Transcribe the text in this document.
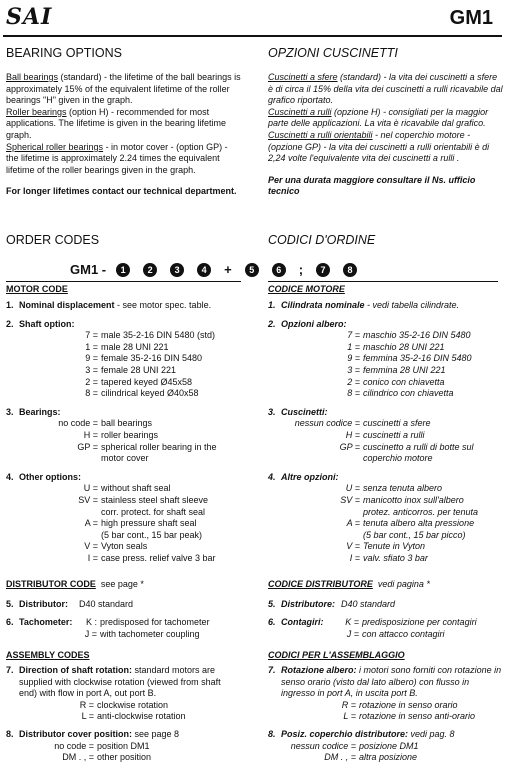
SAI	GM1
BEARING OPTIONS
Ball bearings (standard) - the lifetime of the ball bearings is approximately 15% of the equivalent lifetime of the roller bearings "H" given in the graph.
Roller bearings (option H) - recommended for most applications. The lifetime is given in the bearing lifetime graph.
Spherical roller bearings - in motor cover - (option GP) - the lifetime is approximately 2.24 times the equivalent lifetime of the roller bearings given in the graph.
For longer lifetimes contact our technical department.
OPZIONI CUSCINETTI
Cuscinetti a sfere (standard) - la vita dei cuscinetti a sfere è di circa il 15% della vita dei cuscinetti a rulli ricavabile dal grafico riportato.
Cuscinetti a rulli (opzione H) - consigliati per la maggior parte delle applicazioni. La vita è ricavabile dal grafico.
Cuscinetti a rulli orientabili - nel coperchio motore - (opzione GP) - la vita dei cuscinetti a rulli orientabili è di 2,24 volte l'equivalente vita dei cuscinetti a rulli .
Per una durata maggiore consultare il Ns. ufficio tecnico
ORDER CODES	CODICI D'ORDINE
GM1 -	1	2	3	4	+	5	6	;	7	8
MOTOR CODE
1. Nominal displacement - see motor spec. table.
2. Shaft option:
7 = male 35-2-16 DIN 5480 (std)
1 = male 28 UNI 221
9 = female 35-2-16 DIN 5480
3 = female 28 UNI 221
2 = tapered keyed Ø45x58
8 = cilindrical keyed Ø40x58
3. Bearings:
no code = ball bearings
H = roller bearings
GP = spherical roller bearing in the
motor cover
4. Other options:
U = without shaft seal
SV = stainless steel shaft sleeve
corr. protect. for shaft seal
A = high pressure shaft seal
(5 bar cont., 15 bar peak)
V = Vyton seals
I = case press. relief valve 3 bar
CODICE MOTORE
1. Cilindrata nominale - vedi tabella cilindrate.
2. Opzioni albero:
7 = maschio 35-2-16 DIN 5480
1 = maschio 28 UNI 221
9 = femmina 35-2-16 DIN 5480
3 = femmina 28 UNI 221
2 = conico con chiavetta
8 = cilindrico con chiavetta
3. Cuscinetti:
nessun codice = cuscinetti a sfere
H = cuscinetti a rulli
GP = cuscinetto a rulli di botte sul
coperchio motore
4. Altre opzioni:
U = senza tenuta albero
SV = manicotto inox sull'albero
protez. anticorros. per tenuta
A = tenuta albero alta pressione
(5 bar cont., 15 bar picco)
V = Tenute in Vyton
I = valv. sfiato 3 bar
DISTRIBUTOR CODE see page *
5. Distributor: D40 standard
6. Tachometer:	K : predisposed for tachometer
J = with tachometer coupling
CODICE DISTRIBUTORE vedi pagina *
5. Distributore: D40 standard
6. Contagiri:	K = predisposizione per contagiri
J = con attacco contagiri
ASSEMBLY CODES
7. Direction of shaft rotation: standard motors are supplied with clockwise rotation (viewed from shaft end) with flow in port A, out port B.
R = clockwise rotation
L = anti-clockwise rotation
8. Distributor cover position: see page 8
no code = position DM1
DM . , = other position
CODICI PER L'ASSEMBLAGGIO
7. Rotazione albero: i motori sono forniti con rotazione in senso orario (visto dal lato albero) con flusso in ingresso in port A, in uscita port B.
R = rotazione in senso orario
L = rotazione in senso anti-orario
8. Posiz. coperchio distributore: vedi pag. 8
nessun codice = posizione DM1
DM . , = altra posizione
